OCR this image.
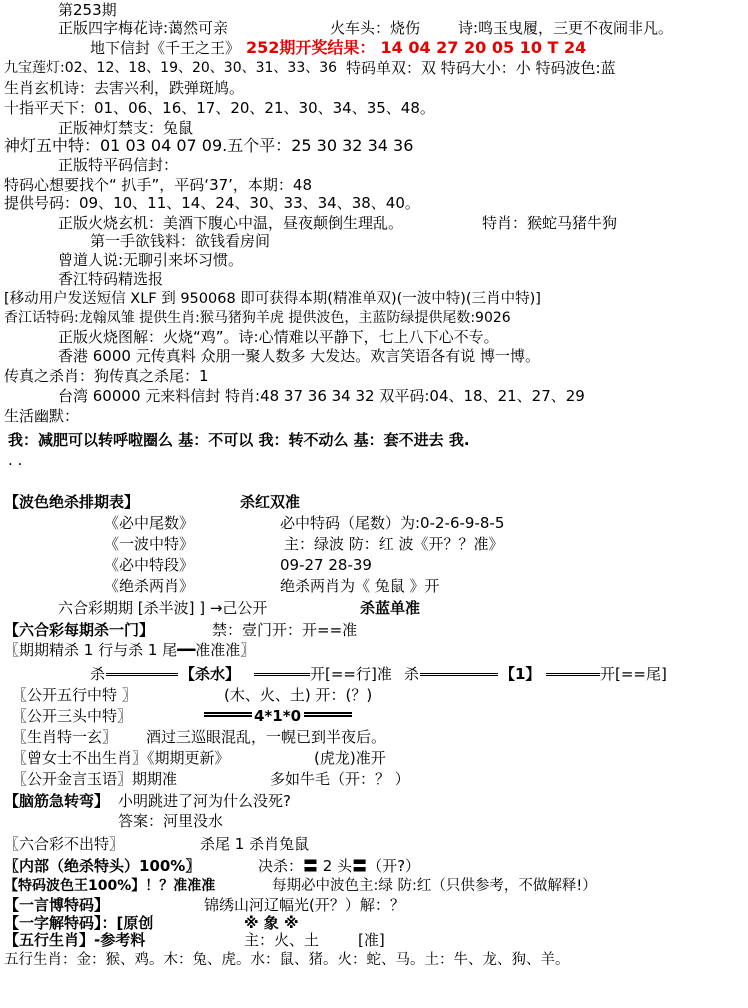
第253期
正版四字梅花诗:蔼然可亲	火车头：烧伤	诗:鸣玉曳履，三更不夜闹非凡。
地下信封《千王之王》 252期开奖结果： 14 04 27 20 05 10 T 24
九宝莲灯:02、12、18、19、20、30、31、33、36 特码单双：双 特码大小：小 特码波色:蓝
生肖玄机诗：去害兴利，跌弹斑鸠。
十指平天下：01、06、16、17、20、21、30、34、35、48。
正版神灯禁支：兔鼠
神灯五中特：01 03 04 07 09.五个平：25 30 32 34 36
正版特平码信封：
特码心想要找个“ 扒手”，平码‘37’，本期：48
提供号码：09、10、11、14、24、30、33、34、38、40。
正版火烧玄机：美酒下腹心中温，昼夜颠倒生理乱。	特肖：猴蛇马猪牛狗
第一手欲钱料：欲钱看房间
曾道人说:无聊引来坏习惯。
香江特码精选报
[移动用户发送短信 XLF 到 950068 即可获得本期(精准单双)(一波中特)(三肖中特)]
香江话特码:龙翰凤雏 提供生肖:猴马猪狗羊虎 提供波色，主蓝防绿提供尾数:9026
正版火烧图解：火烧“鸡”。诗:心情难以平静下，七上八下心不专。
香港 6000 元传真料 众朋一聚人数多 大发达。欢言笑语各有说 博一博。
传真之杀肖：狗传真之杀尾：1
台湾 60000 元来料信封 特肖:48 37 36 34 32 双平码:04、18、21、27、29
生活幽默：
我：减肥可以转呼啦圈么 基：不可以 我：转不动么 基：套不进去 我.
. .
【波色绝杀排期表】	杀红双准
《必中尾数》	必中特码（尾数）为:0-2-6-9-8-5
《一波中特》	主：绿波 防：红 波《开？？准》
《必中特段》	09-27 28-39
《绝杀两肖》	绝杀两肖为《 兔鼠 》开
六合彩期期 [杀半波] ] →己公开	杀蓝单准
【六合彩每期杀一门】	禁：壹门开：开==准
〖期期精杀 1 行与杀 1 尾━━准准准〗
杀	【杀水】	开[==行]准 杀	【1】	开[==尾]
〖公开五行中特 〗	(木、火、土) 开：(？)
〖公开三头中特〗	4*1*0
〖生肖特一玄〗 酒过三巡眼混乱，一幌已到半夜后。
〖曾女士不出生肖〗《期期更新》	(虎龙)准开
〖公开金言玉语〗期期准	多如牛毛（开：？ ）
【脑筋急转弯】 小明跳进了河为什么没死?
答案：河里没水
〖六合彩不出特〗	杀尾 1 杀肖兔鼠
〖内部（绝杀特头）100%〗	决杀：〓 2 头〓（开?）
【特码波色王100%】！？准准准	每期必中波色主:绿 防:红（只供参考，不做解释!）
【一言博特码】	锦绣山河辽幅光(开？）解：？
【一字解特码】：[原创	※ 象 ※
【五行生肖】-参考料	主：火、土	[准]
五行生肖：金：猴、鸡。木：兔、虎。水：鼠、猪。火：蛇、马。土：牛、龙、狗、羊。
